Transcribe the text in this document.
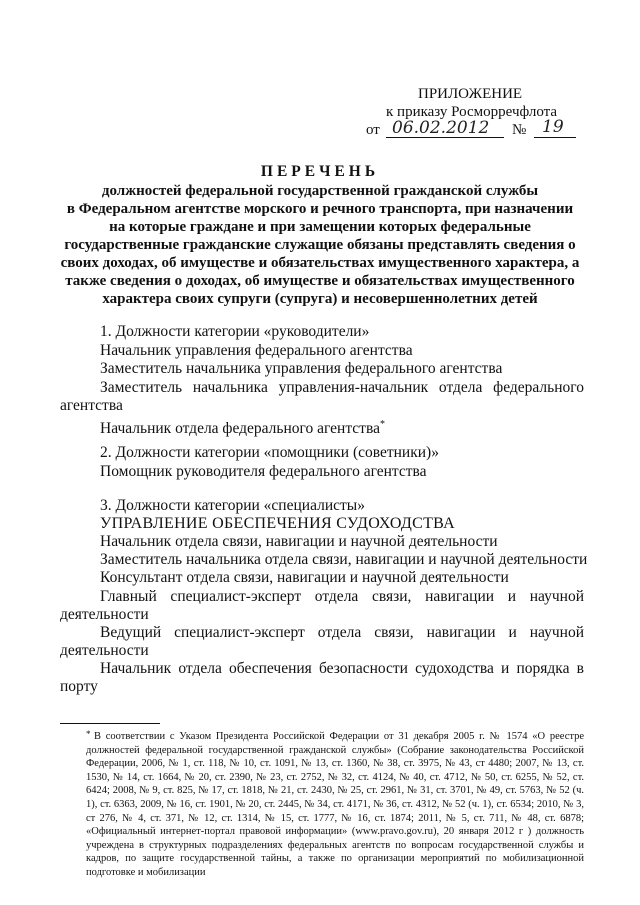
ПРИЛОЖЕНИЕ
к приказу Росморречфлота
от 06.02.2012 № 19
ПЕРЕЧЕНЬ
должностей федеральной государственной гражданской службы
в Федеральном агентстве морского и речного транспорта, при назначении
на которые граждане и при замещении которых федеральные
государственные гражданские служащие обязаны представлять сведения о
своих доходах, об имуществе и обязательствах имущественного характера, а
также сведения о доходах, об имуществе и обязательствах имущественного
характера своих супруги (супруга) и несовершеннолетних детей
1. Должности категории «руководители»
Начальник управления федерального агентства
Заместитель начальника управления федерального агентства
Заместитель начальника управления-начальник отдела федерального
агентства
Начальник отдела федерального агентства*
2. Должности категории «помощники (советники)»
Помощник руководителя федерального агентства
3. Должности категории «специалисты»
УПРАВЛЕНИЕ ОБЕСПЕЧЕНИЯ СУДОХОДСТВА
Начальник отдела связи, навигации и научной деятельности
Заместитель начальника отдела связи, навигации и научной деятельности
Консультант отдела связи, навигации и научной деятельности
Главный специалист-эксперт отдела связи, навигации и научной
деятельности
Ведущий специалист-эксперт отдела связи, навигации и научной
деятельности
Начальник отдела обеспечения безопасности судоходства и порядка в
порту
* В соответствии с Указом Президента Российской Федерации от 31 декабря 2005 г. № 1574 «О реестре должностей федеральной государственной гражданской службы» (Собрание законодательства Российской Федерации, 2006, № 1, ст. 118, № 10, ст. 1091, № 13, ст. 1360, № 38, ст. 3975, № 43, ст 4480; 2007, № 13, ст. 1530, № 14, ст. 1664, № 20, ст. 2390, № 23, ст. 2752, № 32, ст. 4124, № 40, ст. 4712, № 50, ст. 6255, № 52, ст. 6424; 2008, № 9, ст. 825, № 17, ст. 1818, № 21, ст. 2430, № 25, ст. 2961, № 31, ст. 3701, № 49, ст. 5763, № 52 (ч. 1), ст. 6363, 2009, № 16, ст. 1901, № 20, ст. 2445, № 34, ст. 4171, № 36, ст. 4312, № 52 (ч. 1), ст. 6534; 2010, № 3, ст 276, № 4, ст. 371, № 12, ст. 1314, № 15, ст. 1777, № 16, ст. 1874; 2011, № 5, ст. 711, № 48, ст. 6878; «Официальный интернет-портал правовой информации» (www.pravo.gov.ru), 20 января 2012 г ) должность учреждена в структурных подразделениях федеральных агентств по вопросам государственной службы и кадров, по защите государственной тайны, а также по организации мероприятий по мобилизационной подготовке и мобилизации
